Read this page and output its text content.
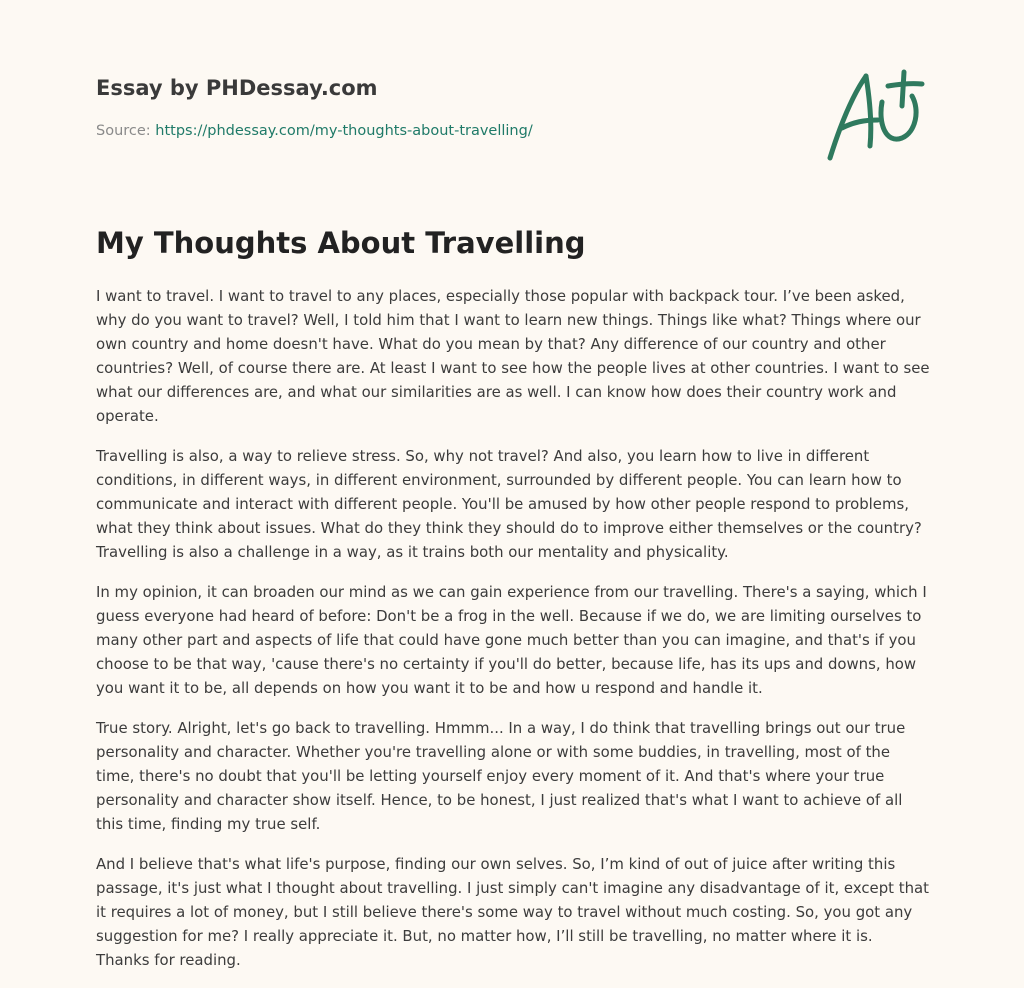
Essay by PHDessay.com

Source: https://phdessay.com/my-thoughts-about-travelling/

My Thoughts About Travelling

I want to travel. I want to travel to any places, especially those popular with backpack tour. I’ve been asked, why do you want to travel? Well, I told him that I want to learn new things. Things like what? Things where our own country and home doesn't have. What do you mean by that? Any difference of our country and other countries? Well, of course there are. At least I want to see how the people lives at other countries. I want to see what our differences are, and what our similarities are as well. I can know how does their country work and operate.

Travelling is also, a way to relieve stress. So, why not travel? And also, you learn how to live in different conditions, in different ways, in different environment, surrounded by different people. You can learn how to communicate and interact with different people. You'll be amused by how other people respond to problems, what they think about issues. What do they think they should do to improve either themselves or the country? Travelling is also a challenge in a way, as it trains both our mentality and physicality.

In my opinion, it can broaden our mind as we can gain experience from our travelling. There's a saying, which I guess everyone had heard of before: Don't be a frog in the well. Because if we do, we are limiting ourselves to many other part and aspects of life that could have gone much better than you can imagine, and that's if you choose to be that way, 'cause there's no certainty if you'll do better, because life, has its ups and downs, how you want it to be, all depends on how you want it to be and how u respond and handle it.

True story. Alright, let's go back to travelling. Hmmm... In a way, I do think that travelling brings out our true personality and character. Whether you're travelling alone or with some buddies, in travelling, most of the time, there's no doubt that you'll be letting yourself enjoy every moment of it. And that's where your true personality and character show itself. Hence, to be honest, I just realized that's what I want to achieve of all this time, finding my true self.

And I believe that's what life's purpose, finding our own selves. So, I’m kind of out of juice after writing this passage, it's just what I thought about travelling. I just simply can't imagine any disadvantage of it, except that it requires a lot of money, but I still believe there's some way to travel without much costing. So, you got any suggestion for me? I really appreciate it. But, no matter how, I’ll still be travelling, no matter where it is. Thanks for reading.
